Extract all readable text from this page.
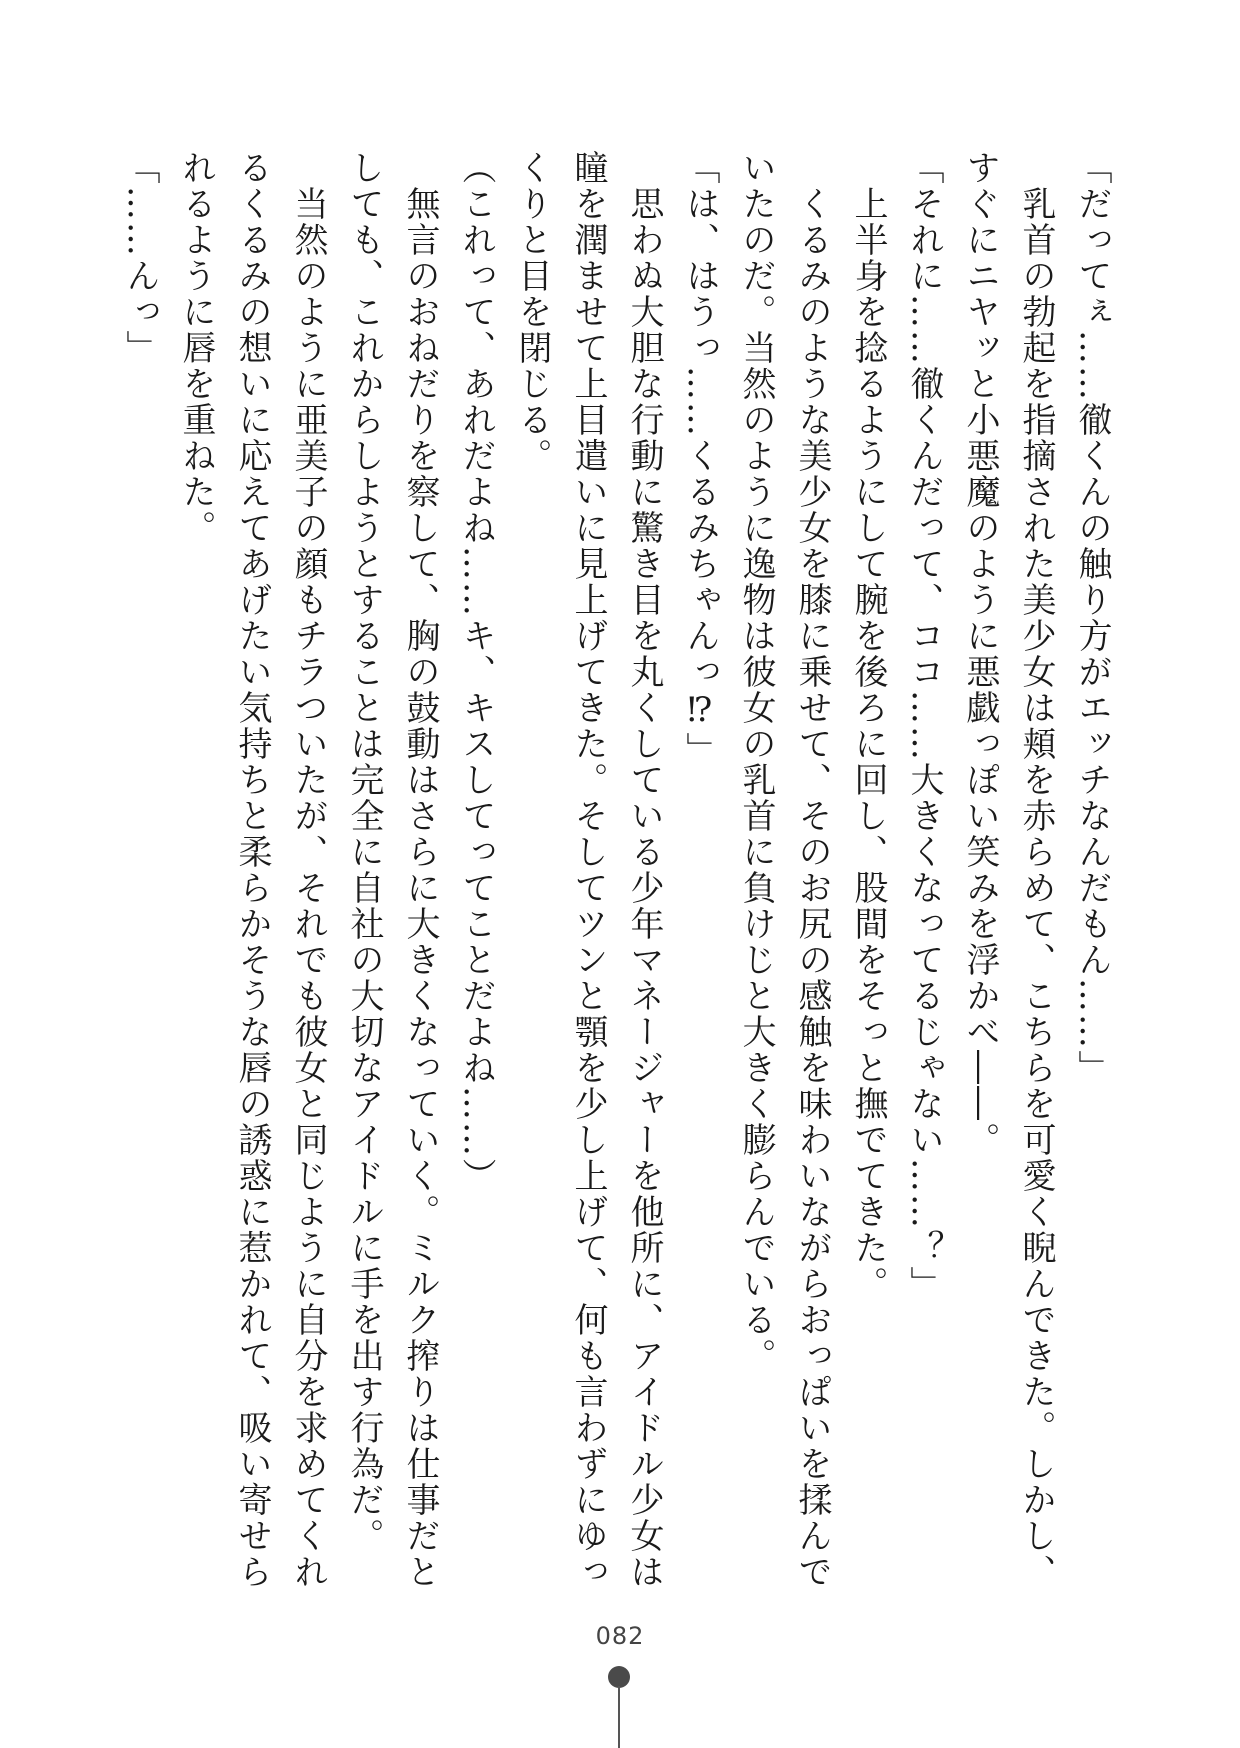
「だってぇ……徹くんの触り方がエッチなんだもん……」
　乳首の勃起を指摘された美少女は頬を赤らめて、こちらを可愛く睨んできた。しかし、
すぐにニヤッと小悪魔のように悪戯っぽい笑みを浮かべ――。
「それに……徹くんだって、ココ……大きくなってるじゃない……？」
　上半身を捻るようにして腕を後ろに回し、股間をそっと撫でてきた。
　くるみのような美少女を膝に乗せて、そのお尻の感触を味わいながらおっぱいを揉んで
いたのだ。当然のように逸物は彼女の乳首に負けじと大きく膨らんでいる。
「は、はうっ……くるみちゃんっ⁉」
　思わぬ大胆な行動に驚き目を丸くしている少年マネージャーを他所に、アイドル少女は
瞳を潤ませて上目遣いに見上げてきた。そしてツンと顎を少し上げて、何も言わずにゆっ
くりと目を閉じる。
（これって、あれだよね……キ、キスしてってことだよね……）
　無言のおねだりを察して、胸の鼓動はさらに大きくなっていく。ミルク搾りは仕事だと
しても、これからしようとすることは完全に自社の大切なアイドルに手を出す行為だ。
　当然のように亜美子の顔もチラついたが、それでも彼女と同じように自分を求めてくれ
るくるみの想いに応えてあげたい気持ちと柔らかそうな唇の誘惑に惹かれて、吸い寄せら
れるように唇を重ねた。
「……んっ」
082
